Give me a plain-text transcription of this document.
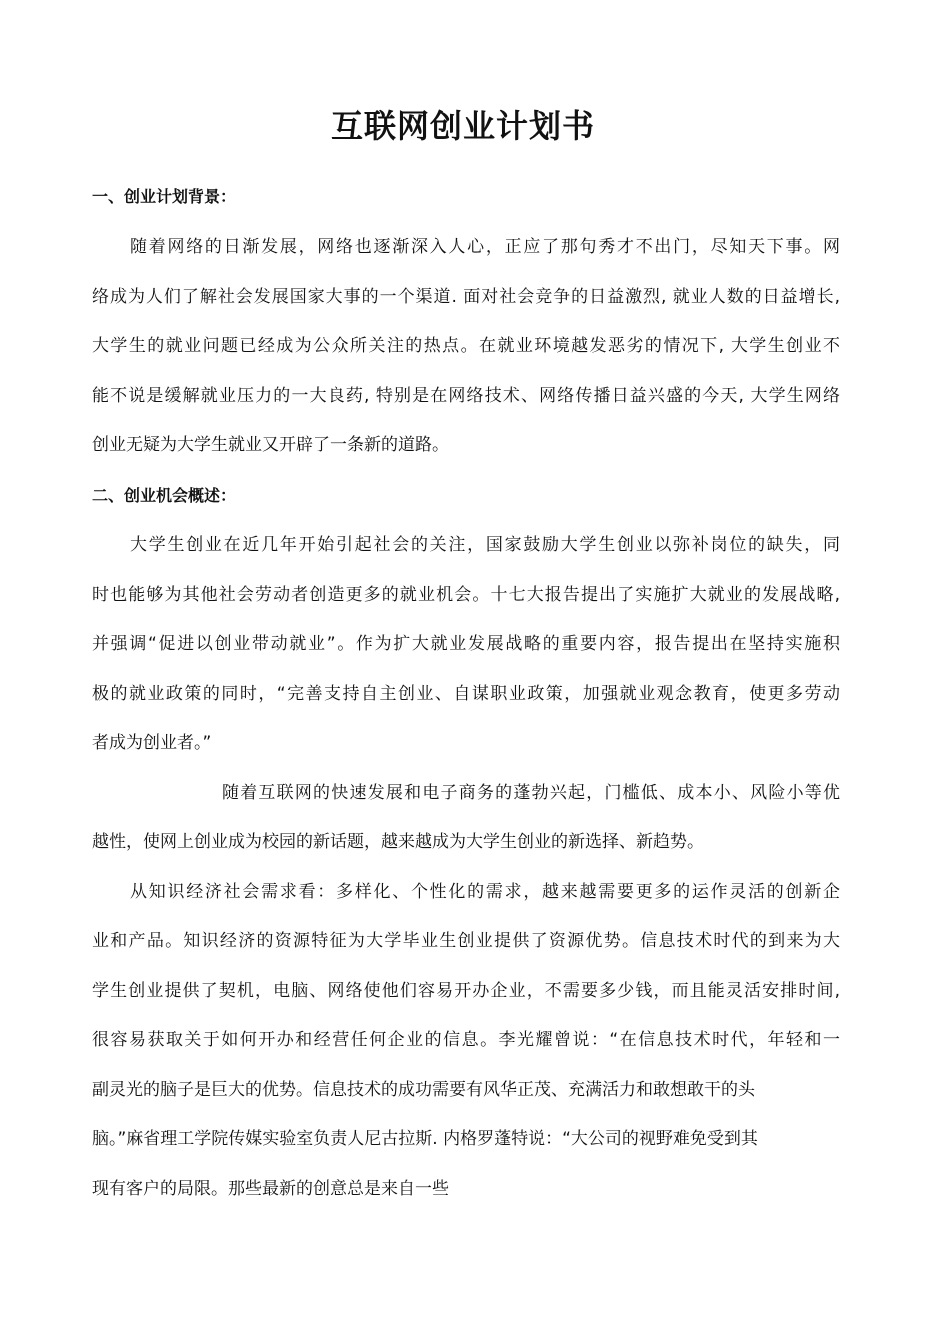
互联网创业计划书
一、创业计划背景：
随着网络的日渐发展，网络也逐渐深入人心，正应了那句秀才不出门，尽知天下事。网
络成为人们了解社会发展国家大事的一个渠道. 面对社会竞争的日益激烈, 就业人数的日益增长,
大学生的就业问题已经成为公众所关注的热点。在就业环境越发恶劣的情况下, 大学生创业不
能不说是缓解就业压力的一大良药, 特别是在网络技术、网络传播日益兴盛的今天, 大学生网络
创业无疑为大学生就业又开辟了一条新的道路。
二、创业机会概述：
大学生创业在近几年开始引起社会的关注，国家鼓励大学生创业以弥补岗位的缺失，同
时也能够为其他社会劳动者创造更多的就业机会。十七大报告提出了实施扩大就业的发展战略,
并强调“促进以创业带动就业”。作为扩大就业发展战略的重要内容，报告提出在坚持实施积
极的就业政策的同时，“完善支持自主创业、自谋职业政策，加强就业观念教育，使更多劳动
者成为创业者。”
随着互联网的快速发展和电子商务的蓬勃兴起，门槛低、成本小、风险小等优
越性，使网上创业成为校园的新话题，越来越成为大学生创业的新选择、新趋势。
从知识经济社会需求看：多样化、个性化的需求，越来越需要更多的运作灵活的创新企
业和产品。知识经济的资源特征为大学毕业生创业提供了资源优势。信息技术时代的到来为大
学生创业提供了契机，电脑、网络使他们容易开办企业，不需要多少钱，而且能灵活安排时间,
很容易获取关于如何开办和经营任何企业的信息。李光耀曾说：“在信息技术时代，年轻和一
副灵光的脑子是巨大的优势。信息技术的成功需要有风华正茂、充满活力和敢想敢干的头
脑。”麻省理工学院传媒实验室负责人尼古拉斯. 内格罗蓬特说：“大公司的视野难免受到其
现有客户的局限。那些最新的创意总是来自一些
